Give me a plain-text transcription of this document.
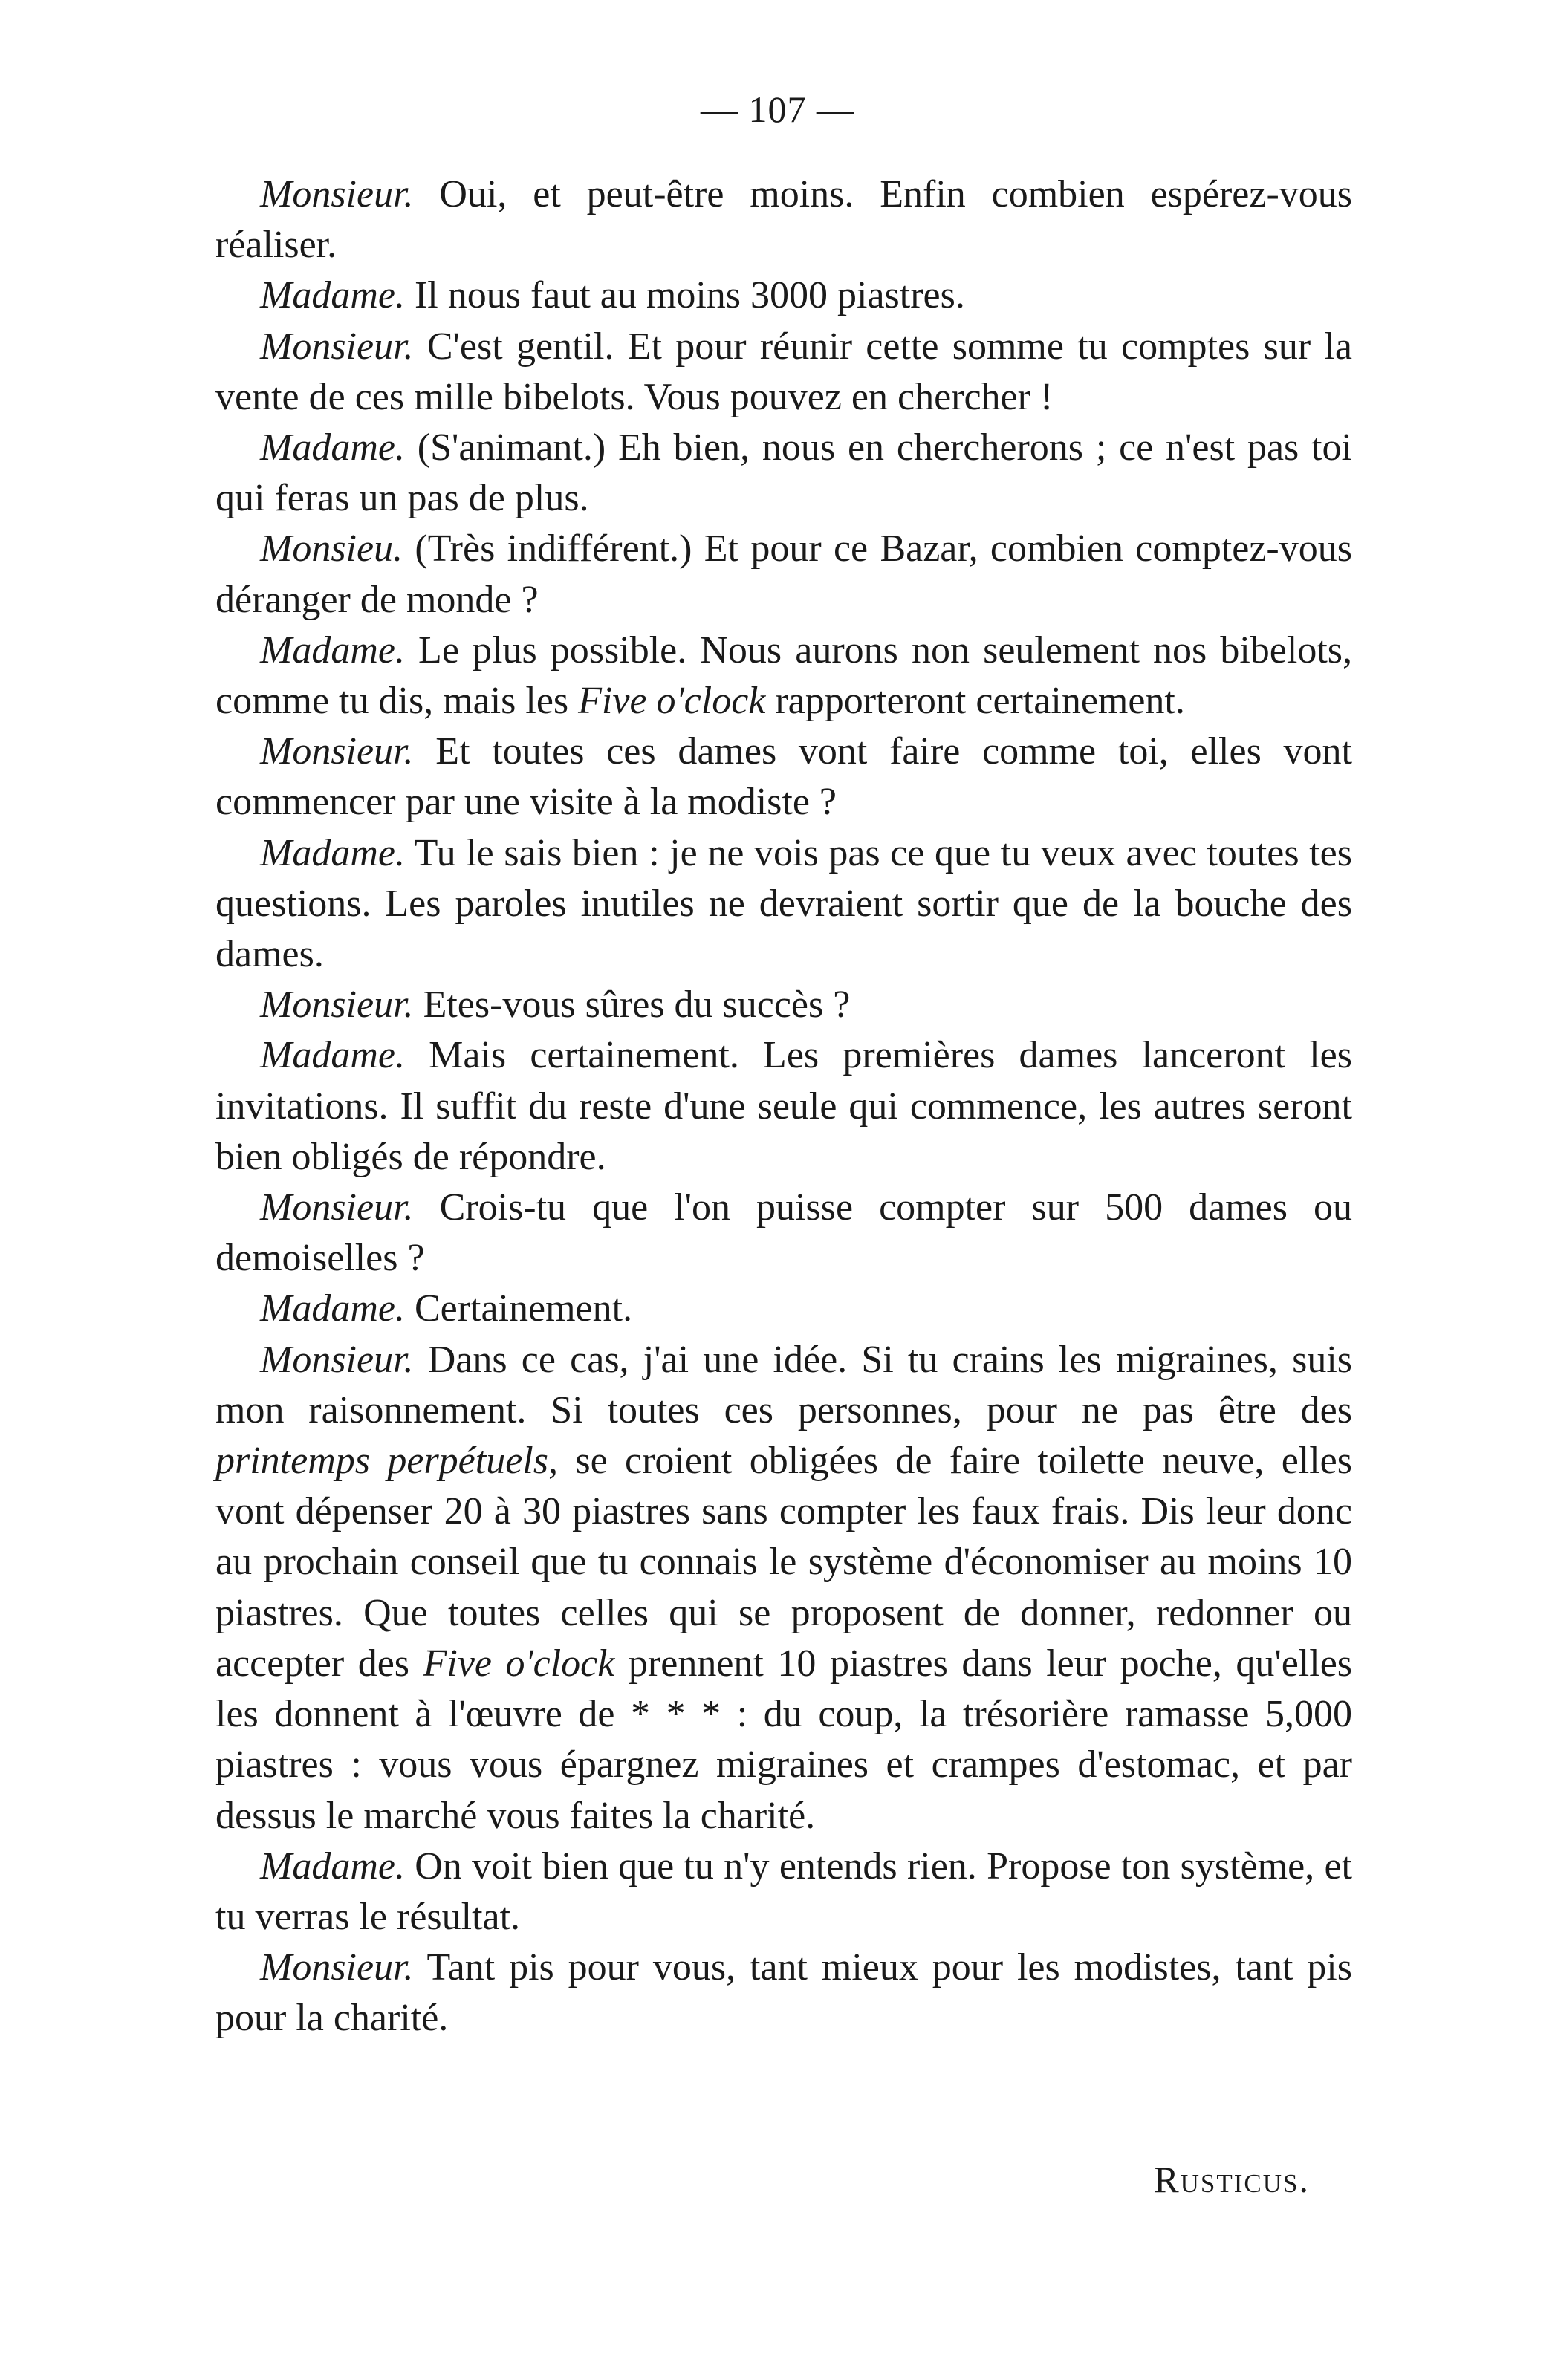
— 107 —

Monsieur. Oui, et peut-être moins. Enfin combien espérez-vous réaliser.

Madame. Il nous faut au moins 3000 piastres.

Monsieur. C'est gentil. Et pour réunir cette somme tu comptes sur la vente de ces mille bibelots. Vous pouvez en chercher !

Madame. (S'animant.) Eh bien, nous en chercherons ; ce n'est pas toi qui feras un pas de plus.

Monsieu. (Très indifférent.) Et pour ce Bazar, combien comptez-vous déranger de monde ?

Madame. Le plus possible. Nous aurons non seulement nos bibelots, comme tu dis, mais les Five o'clock rapporteront certainement.

Monsieur. Et toutes ces dames vont faire comme toi, elles vont commencer par une visite à la modiste ?

Madame. Tu le sais bien : je ne vois pas ce que tu veux avec toutes tes questions. Les paroles inutiles ne devraient sortir que de la bouche des dames.

Monsieur. Etes-vous sûres du succès ?

Madame. Mais certainement. Les premières dames lanceront les invitations. Il suffit du reste d'une seule qui commence, les autres seront bien obligés de répondre.

Monsieur. Crois-tu que l'on puisse compter sur 500 dames ou demoiselles ?

Madame. Certainement.

Monsieur. Dans ce cas, j'ai une idée. Si tu crains les migraines, suis mon raisonnement. Si toutes ces personnes, pour ne pas être des printemps perpétuels, se croient obligées de faire toilette neuve, elles vont dépenser 20 à 30 piastres sans compter les faux frais. Dis leur donc au prochain conseil que tu connais le système d'économiser au moins 10 piastres. Que toutes celles qui se proposent de donner, redonner ou accepter des Five o'clock prennent 10 piastres dans leur poche, qu'elles les donnent à l'œuvre de * * * : du coup, la trésorière ramasse 5,000 piastres : vous vous épargnez migraines et crampes d'estomac, et par dessus le marché vous faites la charité.

Madame. On voit bien que tu n'y entends rien. Propose ton système, et tu verras le résultat.

Monsieur. Tant pis pour vous, tant mieux pour les modistes, tant pis pour la charité.

Rusticus.
